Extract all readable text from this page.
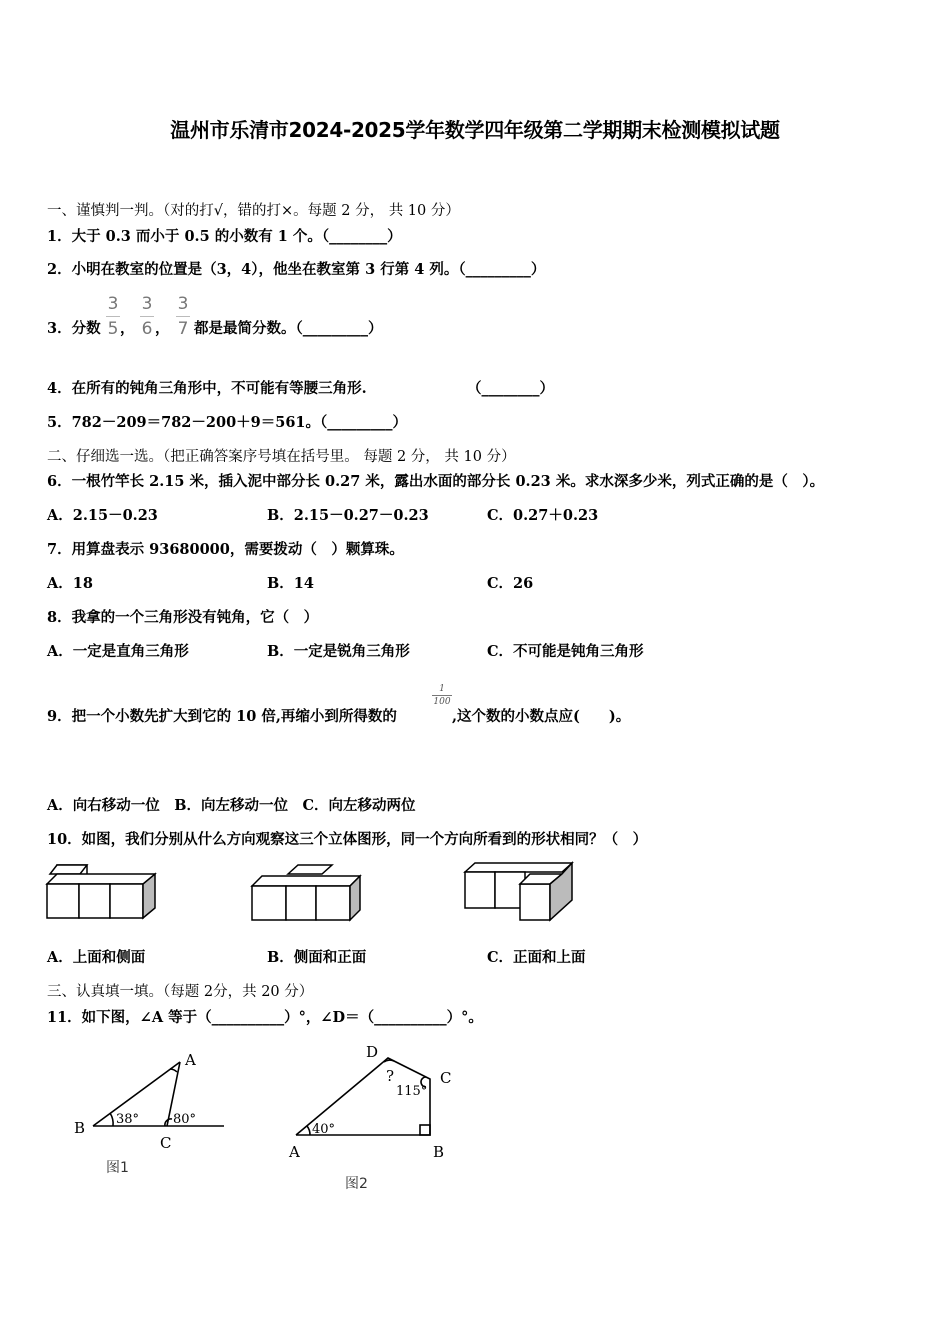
温州市乐清市2024-2025学年数学四年级第二学期期末检测模拟试题
一、谨慎判一判。（对的打√，错的打×。每题 2 分， 共 10 分）
1．大于 0.3 而小于 0.5 的小数有 1 个。（________）
2．小明在教室的位置是（3，4），他坐在教室第 3 行第 4 列。（_________）
3．分数
3
5 ，
3
6 ，
3
7 都是最简分数。（_________）
4．在所有的钝角三角形中，不可能有等腰三角形.	（________）
5．782－209＝782－200＋9＝561。（_________）
二、仔细选一选。（把正确答案序号填在括号里。 每题 2 分， 共 10 分）
6．一根竹竿长 2.15 米，插入泥中部分长 0.27 米，露出水面的部分长 0.23 米。求水深多少米，列式正确的是（　）。
A．2.15－0.23	B．2.15－0.27－0.23	C．0.27＋0.23
7．用算盘表示 93680000，需要拨动（　）颗算珠。
A．18	B．14	C．26
8．我拿的一个三角形没有钝角，它（　）
A．一定是直角三角形	B．一定是锐角三角形	C．不可能是钝角三角形
9．把一个小数先扩大到它的 10 倍,再缩小到所得数的
1
100
,这个数的小数点应(　　)。
A．向右移动一位　B．向左移动一位　C．向左移动两位
10．如图，我们分别从什么方向观察这三个立体图形，同一个方向所看到的形状相同？（　）
A．上面和侧面	B．侧面和正面	C．正面和上面
三、认真填一填。（每题 2分，共 20 分）
11．如下图，∠A 等于（__________）°，∠D＝（__________）°。
A
B
C
38°	80°
图1
D
C
A	B
?
115°
40°
图2
